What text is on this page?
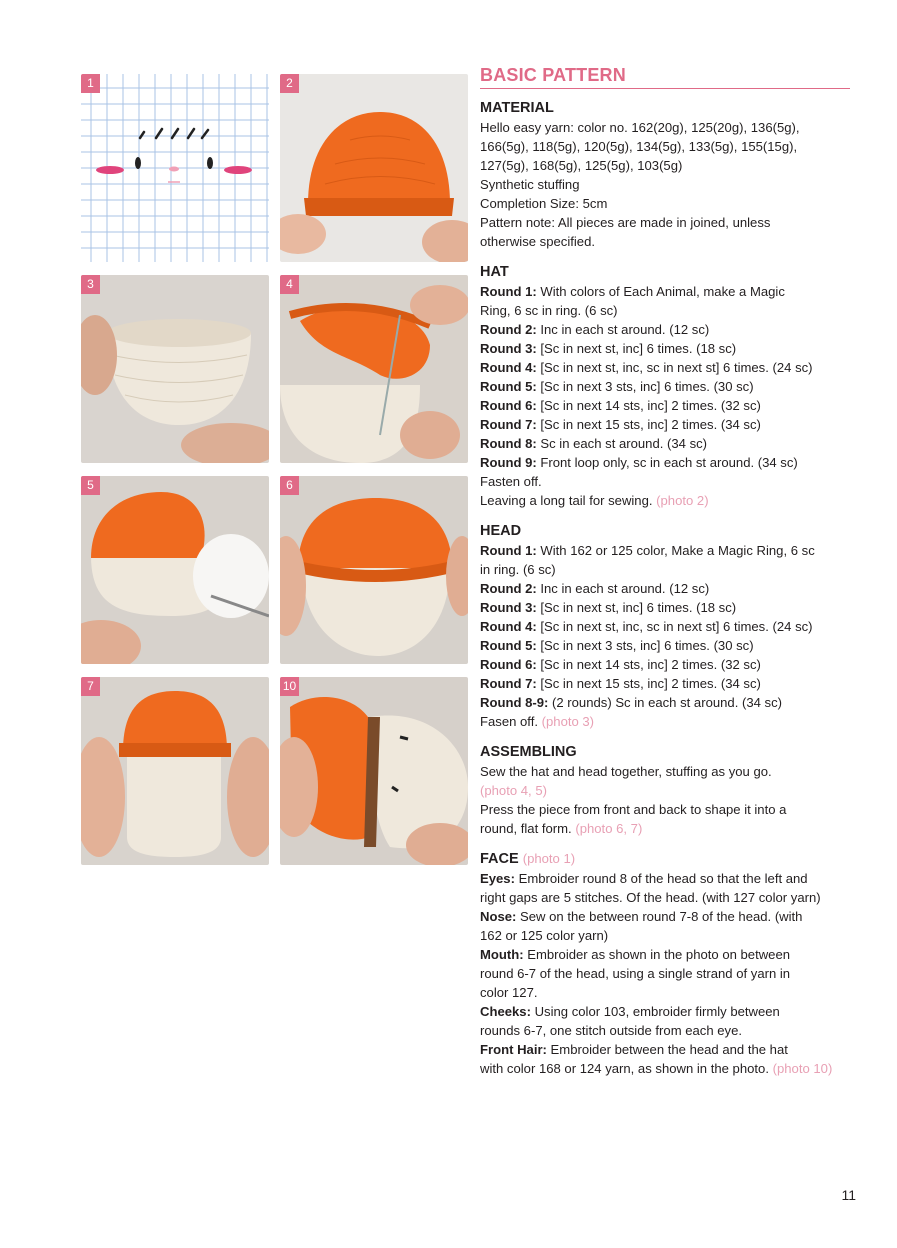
1	2
3	4
5	6
7	10
BASIC PATTERN
MATERIAL
Hello easy yarn: color no. 162(20g), 125(20g), 136(5g),
166(5g), 118(5g), 120(5g), 134(5g), 133(5g), 155(15g),
127(5g), 168(5g), 125(5g), 103(5g)
Synthetic stuffing
Completion Size: 5cm
Pattern note: All pieces are made in joined, unless
otherwise specified.
HAT
Round 1: With colors of Each Animal, make a Magic
Ring, 6 sc in ring. (6 sc)
Round 2: Inc in each st around. (12 sc)
Round 3: [Sc in next st, inc] 6 times. (18 sc)
Round 4: [Sc in next st, inc, sc in next st] 6 times. (24 sc)
Round 5: [Sc in next 3 sts, inc] 6 times. (30 sc)
Round 6: [Sc in next 14 sts, inc] 2 times. (32 sc)
Round 7: [Sc in next 15 sts, inc] 2 times. (34 sc)
Round 8: Sc in each st around. (34 sc)
Round 9: Front loop only, sc in each st around. (34 sc)
Fasten off.
Leaving a long tail for sewing. (photo 2)
HEAD
Round 1: With 162 or 125 color, Make a Magic Ring, 6 sc
in ring. (6 sc)
Round 2: Inc in each st around. (12 sc)
Round 3: [Sc in next st, inc] 6 times. (18 sc)
Round 4: [Sc in next st, inc, sc in next st] 6 times. (24 sc)
Round 5: [Sc in next 3 sts, inc] 6 times. (30 sc)
Round 6: [Sc in next 14 sts, inc] 2 times. (32 sc)
Round 7: [Sc in next 15 sts, inc] 2 times. (34 sc)
Round 8-9: (2 rounds) Sc in each st around. (34 sc)
Fasen off. (photo 3)
ASSEMBLING
Sew the hat and head together, stuffing as you go.
(photo 4, 5)
Press the piece from front and back to shape it into a
round, flat form. (photo 6, 7)
FACE (photo 1)
Eyes: Embroider round 8 of the head so that the left and
right gaps are 5 stitches. Of the head. (with 127 color yarn)
Nose: Sew on the between round 7-8 of the head. (with
162 or 125 color yarn)
Mouth: Embroider as shown in the photo on between
round 6-7 of the head, using a single strand of yarn in
color 127.
Cheeks: Using color 103, embroider firmly between
rounds 6-7, one stitch outside from each eye.
Front Hair: Embroider between the head and the hat
with color 168 or 124 yarn, as shown in the photo. (photo 10)
11
